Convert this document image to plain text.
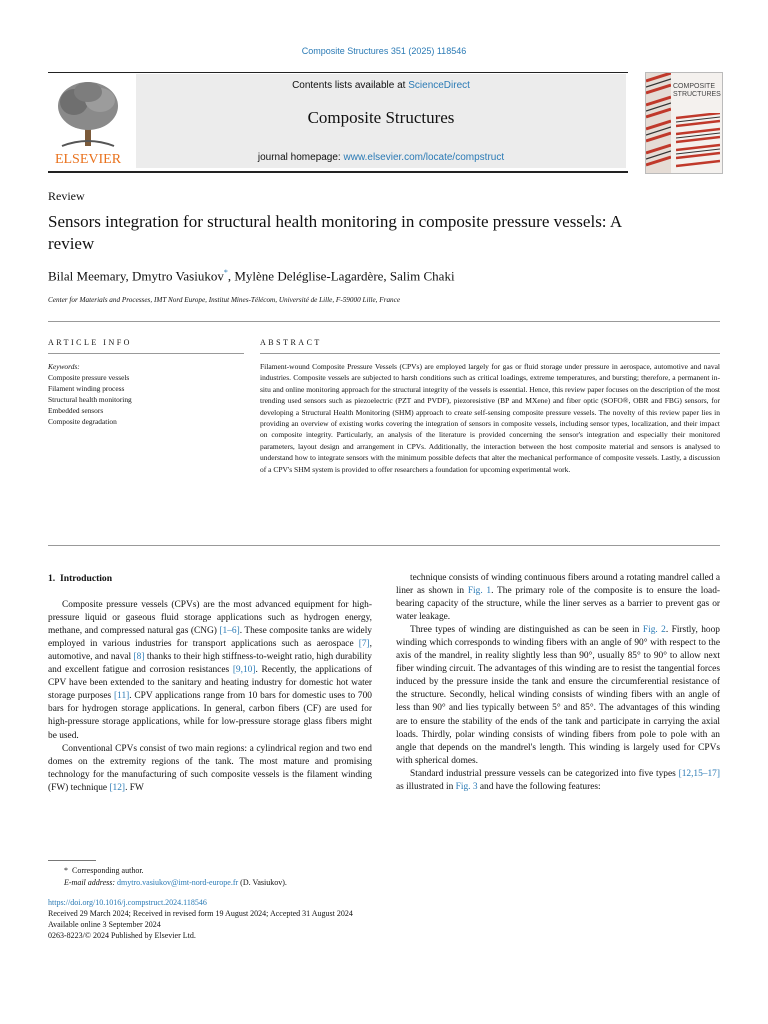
Composite Structures 351 (2025) 118546
ELSEVIER
Contents lists available at ScienceDirect
Composite Structures
journal homepage: www.elsevier.com/locate/compstruct
COMPOSITE STRUCTURES
Review
Sensors integration for structural health monitoring in composite pressure vessels: A review
Bilal Meemary, Dmytro Vasiukov*, Mylène Deléglise-Lagardère, Salim Chaki
Center for Materials and Processes, IMT Nord Europe, Institut Mines-Télécom, Université de Lille, F-59000 Lille, France
ARTICLE INFO	ABSTRACT
Keywords:
Composite pressure vessels
Filament winding process
Structural health monitoring
Embedded sensors
Composite degradation
Filament-wound Composite Pressure Vessels (CPVs) are employed largely for gas or fluid storage under pressure in aerospace, automotive and naval industries. Composite vessels are subjected to harsh conditions such as critical loadings, extreme temperatures, and bursting; therefore, a permanent in-situ and online monitoring approach for the structural integrity of the vessels is essential. Hence, this review paper focuses on the description of the most trending used sensors such as piezoelectric (PZT and PVDF), piezoresistive (BP and MXene) and fiber optic (SOFO®, OBR and FBG) sensors, for developing a Structural Health Monitoring (SHM) approach to create self-sensing composite pressure vessels. The novelty of this review paper lies in providing an overview of existing works covering the integration of sensors in composite vessels, including sensor types, localization, and their impact on composite integrity. Particularly, an analysis of the literature is provided concerning the sensor's integration and especially their monitored parameters, layout design and arrangement in CPVs. Additionally, the interaction between the host composite material and sensors is analysed to understand how to integrate sensors with the minimum possible defects that alter the mechanical performance of composite vessels. Lastly, a discussion of a CPV's SHM system is provided to offer researchers a foundation for upcoming experimental work.
1. Introduction

Composite pressure vessels (CPVs) are the most advanced equipment for high-pressure liquid or gaseous fluid storage applications such as hydrogen energy, methane, and compressed natural gas (CNG) [1–6]. These composite tanks are widely employed in various industries for transport applications such as aerospace [7], automotive, and naval [8] thanks to their high stiffness-to-weight ratio, high durability and excellent fatigue and corrosion resistances [9,10]. Recently, the applications of CPV have been extended to the sanitary and heating industry for domestic hot water storage purposes [11]. CPV applications range from 10 bars for domestic uses to 700 bars for hydrogen storage applications. In general, carbon fibers (CF) are used for high-pressure storage applications, while for low-pressure storage glass fibers might be used.

Conventional CPVs consist of two main regions: a cylindrical region and two end domes on the extremity regions of the tank. The most mature and promising technology for the manufacturing of such composite vessels is the filament winding (FW) technique [12]. FW

technique consists of winding continuous fibers around a rotating mandrel called a liner as shown in Fig. 1. The primary role of the composite is to ensure the load-bearing capacity of the structure, while the liner serves as a barrier to prevent gas or water leakage.

Three types of winding are distinguished as can be seen in Fig. 2. Firstly, hoop winding which corresponds to winding fibers with an angle of 90° with respect to the axis of the mandrel, in reality slightly less than 90°, usually 85° to 90° to allow next fiber winding circuit. The advantages of this winding are to resist the tangential forces induced by the pressure inside the tank and ensure the circumferential resistance of the structure. Secondly, helical winding consists of winding fibers with an angle of less than 90° and lies typically between 5° and 85°. The advantages of this winding are to ensure the stability of the ends of the tank and participate in carrying the axial loads. Thirdly, polar winding consists of winding fibers from pole to pole with an angle that depends on the mandrel's length. This winding is largely used for CPVs with spherical domes.

Standard industrial pressure vessels can be categorized into five types [12,15–17] as illustrated in Fig. 3 and have the following features:

* Corresponding author.
E-mail address: dmytro.vasiukov@imt-nord-europe.fr (D. Vasiukov).
https://doi.org/10.1016/j.compstruct.2024.118546
Received 29 March 2024; Received in revised form 19 August 2024; Accepted 31 August 2024
Available online 3 September 2024
0263-8223/© 2024 Published by Elsevier Ltd.
